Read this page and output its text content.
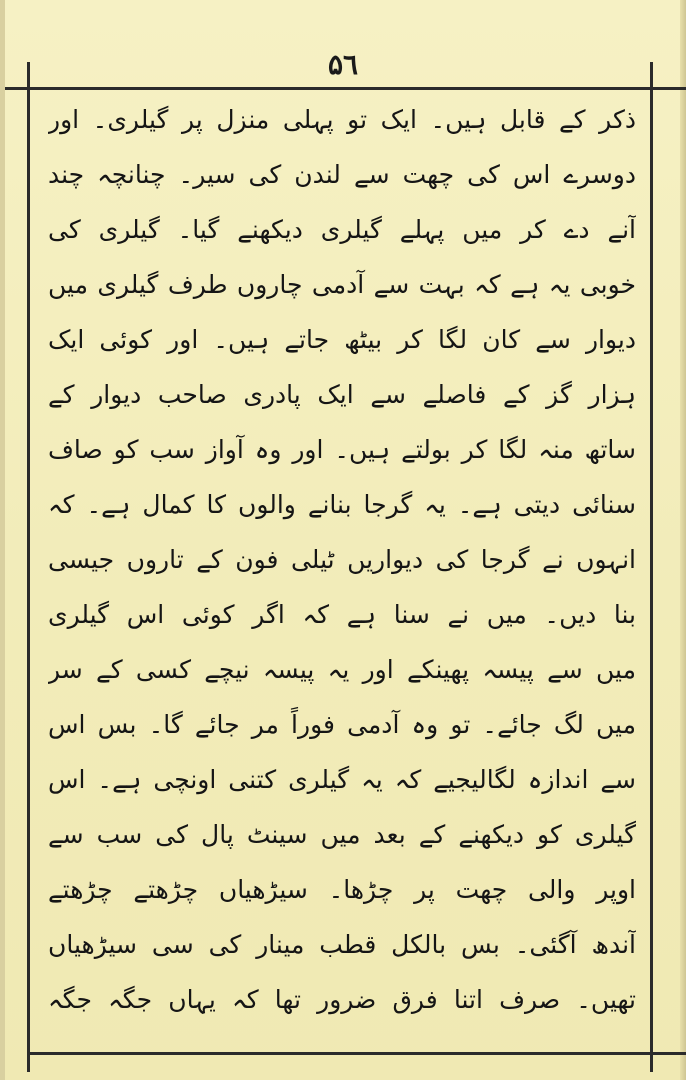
۵٦
ذکر کے قابل ہیں۔ ایک تو پہلی منزل پر گیلری۔ اور
دوسرے اس کی چھت سے لندن کی سیر۔ چنانچہ چند
آنے دے کر میں پہلے گیلری دیکھنے گیا۔ گیلری کی
خوبی یہ ہے کہ بہت سے آدمی چاروں طرف گیلری میں
دیوار سے کان لگا کر بیٹھ جاتے ہیں۔ اور کوئی ایک
ہزار گز کے فاصلے سے ایک پادری صاحب دیوار کے
ساتھ منہ لگا کر بولتے ہیں۔ اور وہ آواز سب کو صاف
سنائی دیتی ہے۔ یہ گرجا بنانے والوں کا کمال ہے۔ کہ
انہوں نے گرجا کی دیواریں ٹیلی فون کے تاروں جیسی
بنا دیں۔ میں نے سنا ہے کہ اگر کوئی اس گیلری
میں سے پیسہ پھینکے اور یہ پیسہ نیچے کسی کے سر
میں لگ جائے۔ تو وہ آدمی فوراً مر جائے گا۔ بس اس
سے اندازہ لگالیجیے کہ یہ گیلری کتنی اونچی ہے۔ اس
گیلری کو دیکھنے کے بعد میں سینٹ پال کی سب سے
اوپر والی چھت پر چڑھا۔ سیڑھیاں چڑھتے چڑھتے
آندھ آگئی۔ بس بالکل قطب مینار کی سی سیڑھیاں
تھیں۔ صرف اتنا فرق ضرور تھا کہ یہاں جگہ جگہ
